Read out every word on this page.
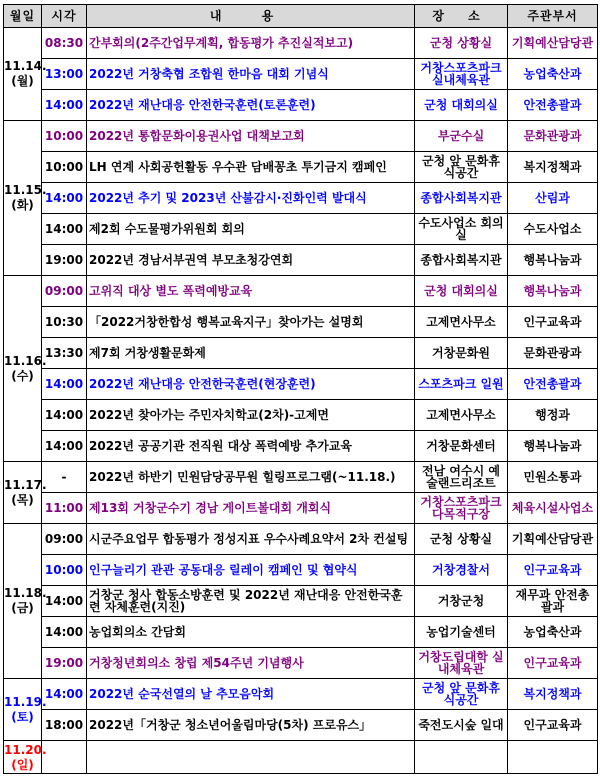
월일	시각	내 용	장 소	주관부서

11.14.
(월)	08:30	간부회의(2주간업무계획, 합동평가 추진실적보고)	군청 상황실	기획예산담당관
	13:00	2022년 거창축협 조합원 한마음 대회 기념식	거창스포츠파크 실내체육관	농업축산과
	14:00	2022년 재난대응 안전한국훈련(토론훈련)	군청 대회의실	안전총괄과

11.15.
(화)	10:00	2022년 통합문화이용권사업 대책보고회	부군수실	문화관광과
	10:00	LH 연계 사회공헌활동 우수관 담배꽁초 투기금지 캠페인	군청 앞 문화휴식공간	복지정책과
	14:00	2022년 추기 및 2023년 산불감시·진화인력 발대식	종합사회복지관	산림과
	14:00	제2회 수도물평가위원회 회의	수도사업소 회의실	수도사업소
	19:00	2022년 경남서부권역 부모초청강연회	종합사회복지관	행복나눔과

11.16.
(수)	09:00	고위직 대상 별도 폭력예방교육	군청 대회의실	행복나눔과
	10:30	「2022거창한합성 행복교육지구」찾아가는 설명회	고제면사무소	인구교육과
	13:30	제7회 거창생활문화제	거창문화원	문화관광과
	14:00	2022년 재난대응 안전한국훈련(현장훈련)	스포츠파크 일원	안전총괄과
	14:00	2022년 찾아가는 주민자치학교(2차)-고제면	고제면사무소	행정과
	14:00	2022년 공공기관 전직원 대상 폭력예방 추가교육	거창문화센터	행복나눔과

11.17.
(목)	-	2022년 하반기 민원담당공무원 힐링프로그램(~11.18.)	전남 여수시 예술랜드리조트	민원소통과
	11:00	제13회 거창군수기 경남 게이트볼대회 개회식	거창스포츠파크 다목적구장	체육시설사업소

11.18.
(금)	09:00	시군주요업무 합동평가 정성지표 우수사례요약서 2차 컨설팅	군청 상황실	기획예산담당관
	10:00	인구늘리기 관관 공동대응 릴레이 캠페인 및 협약식	거창경찰서	인구교육과
	14:00	거창군 청사 합동소방훈련 및 2022년 재난대응 안전한국훈련 자체훈련(지진)	거창군청	재무과 안전총괄과
	14:00	농업회의소 간담회	농업기술센터	농업축산과
	19:00	거창청년회의소 창립 제54주년 기념행사	거창도립대학 실내체육관	인구교육과

11.19.
(토)	14:00	2022년 순국선열의 날 추모음악회	군청 앞 문화휴식공간	복지정책과
	18:00	2022년「거창군 청소년어울림마당(5차) 프로유스」	죽전도시숲 일대	인구교육과

11.20.
(일)				
